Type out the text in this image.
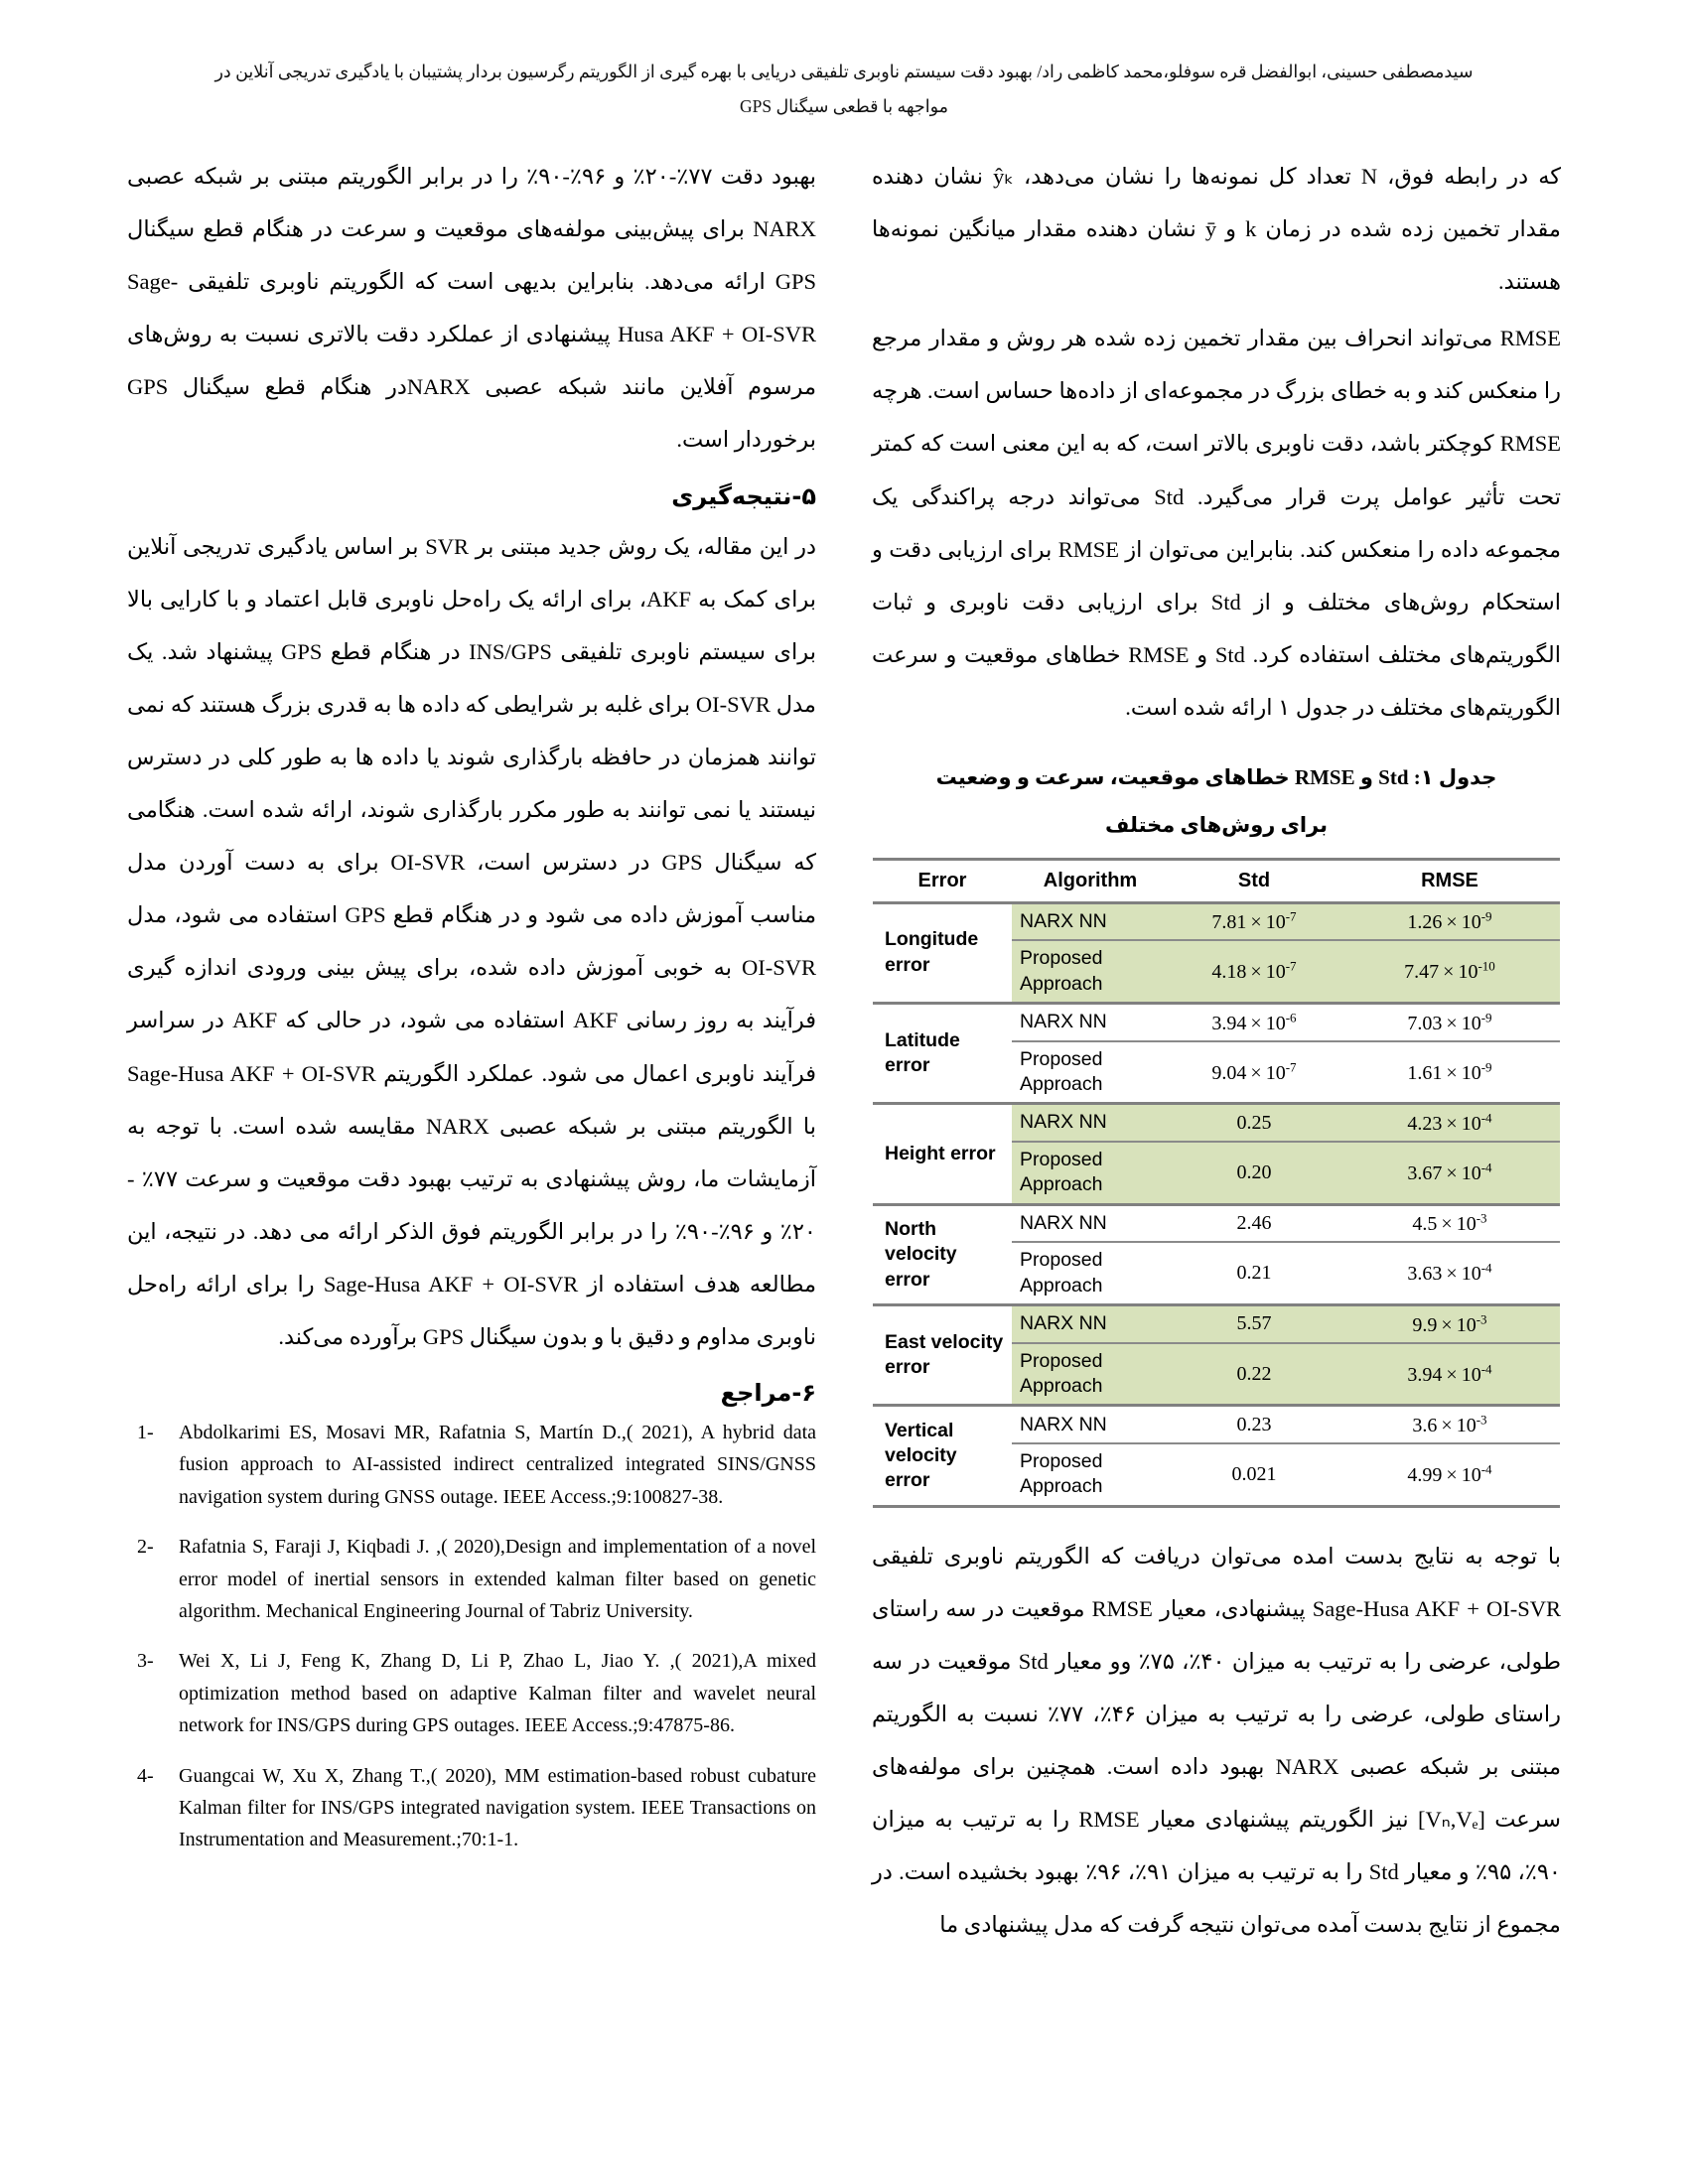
سیدمصطفی حسینی، ابوالفضل قره سوفلو،محمد کاظمی راد/ بهبود دقت سیستم ناوبری تلفیقی دریایی با بهره گیری از الگوریتم رگرسیون بردار پشتیبان با یادگیری تدریجی آنلاین در
مواجهه با قطعی سیگنال GPS

که در رابطه فوق، N تعداد کل نمونه‌ها را نشان می‌دهد، ŷₖ نشان دهنده مقدار تخمین زده شده در زمان k و ȳ نشان دهنده مقدار میانگین نمونه‌ها هستند.

RMSE می‌تواند انحراف بین مقدار تخمین زده شده هر روش و مقدار مرجع را منعکس کند و به خطای بزرگ در مجموعه‌ای از داده‌ها حساس است. هرچه RMSE کوچکتر باشد، دقت ناوبری بالاتر است، که به این معنی است که کمتر تحت تأثیر عوامل پرت قرار می‌گیرد. Std می‌تواند درجه پراکندگی یک مجموعه داده را منعکس کند. بنابراین می‌توان از RMSE برای ارزیابی دقت و استحکام روش‌های مختلف و از Std برای ارزیابی دقت ناوبری و ثبات الگوریتم‌های مختلف استفاده کرد. Std و RMSE خطاهای موقعیت و سرعت الگوریتم‌های مختلف در جدول ۱ ارائه شده است.

جدول ۱: Std و RMSE خطاهای موقعیت، سرعت و وضعیت برای روش‌های مختلف
Error	Algorithm	Std	RMSE
Longitude error	NARX NN	$7.81 \times 10^{-7}$	$1.26 \times 10^{-9}$
	Proposed Approach	$4.18 \times 10^{-7}$	$7.47 \times 10^{-10}$
Latitude error	NARX NN	$3.94 \times 10^{-6}$	$7.03 \times 10^{-9}$
	Proposed Approach	$9.04 \times 10^{-7}$	$1.61 \times 10^{-9}$
Height error	NARX NN	0.25	$4.23 \times 10^{-4}$
	Proposed Approach	0.20	$3.67 \times 10^{-4}$
North velocity error	NARX NN	2.46	$4.5 \times 10^{-3}$
	Proposed Approach	0.21	$3.63 \times 10^{-4}$
East velocity error	NARX NN	5.57	$9.9 \times 10^{-3}$
	Proposed Approach	0.22	$3.94 \times 10^{-4}$
Vertical velocity error	NARX NN	0.23	$3.6 \times 10^{-3}$
	Proposed Approach	0.021	$4.99 \times 10^{-4}$

با توجه به نتایج بدست امده می‌توان دریافت که الگوریتم ناوبری تلفیقی Sage-Husa AKF + OI-SVR پیشنهادی، معیار RMSE موقعیت در سه راستای طولی، عرضی را به ترتیب به میزان ۴۰٪، ۷۵٪ وو معیار Std موقعیت در سه راستای طولی، عرضی را به ترتیب به میزان ۴۶٪، ۷۷٪ نسبت به الگوریتم مبتنی بر شبکه عصبی NARX بهبود داده است. همچنین برای مولفه‌های سرعت ‎[Vₙ,Vₑ]‎ نیز الگوریتم پیشنهادی معیار RMSE را به ترتیب به میزان ۹۰٪، ۹۵٪ و معیار Std را به ترتیب به میزان ۹۱٪، ۹۶٪ بهبود بخشیده است. در مجموع از نتایج بدست آمده می‌توان نتیجه گرفت که مدل پیشنهادی ما

بهبود دقت ۷۷٪-۲۰٪ و ۹۶٪-۹۰٪ را در برابر الگوریتم مبتنی بر شبکه عصبی NARX برای پیش‌بینی مولفه‌های موقعیت و سرعت در هنگام قطع سیگنال GPS ارائه می‌دهد. بنابراین بدیهی است که الگوریتم ناوبری تلفیقی Sage-Husa AKF + OI-SVR پیشنهادی از عملکرد دقت بالاتری نسبت به روش‌های مرسوم آفلاین مانند شبکه عصبی NARXدر هنگام قطع سیگنال GPS برخوردار است.

۵-نتیجه‌گیری

در این مقاله، یک روش جدید مبتنی بر SVR بر اساس یادگیری تدریجی آنلاین برای کمک به AKF، برای ارائه یک راه‌حل ناوبری قابل اعتماد و با کارایی بالا برای سیستم ناوبری تلفیقی INS/GPS در هنگام قطع GPS پیشنهاد شد. یک مدل OI-SVR برای غلبه بر شرایطی که داده ها به قدری بزرگ هستند که نمی توانند همزمان در حافظه بارگذاری شوند یا داده ها به طور کلی در دسترس نیستند یا نمی توانند به طور مکرر بارگذاری شوند، ارائه شده است. هنگامی که سیگنال GPS در دسترس است، OI-SVR برای به دست آوردن مدل مناسب آموزش داده می شود و در هنگام قطع GPS استفاده می شود، مدل OI-SVR به خوبی آموزش داده شده، برای پیش بینی ورودی اندازه گیری فرآیند به روز رسانی AKF استفاده می شود، در حالی که AKF در سراسر فرآیند ناوبری اعمال می شود. عملکرد الگوریتم Sage-Husa AKF + OI-SVR با الگوریتم مبتنی بر شبکه عصبی NARX مقایسه شده است. با توجه به آزمایشات ما، روش پیشنهادی به ترتیب بهبود دقت موقعیت و سرعت ۷۷٪ - ۲۰٪ و ۹۶٪-۹۰٪ را در برابر الگوریتم فوق الذکر ارائه می دهد. در نتیجه، این مطالعه هدف استفاده از Sage-Husa AKF + OI-SVR را برای ارائه راه‌حل ناوبری مداوم و دقیق با و بدون سیگنال GPS برآورده می‌کند.

۶-مراجع
1-	Abdolkarimi ES, Mosavi MR, Rafatnia S, Martín D.,( 2021), A hybrid data fusion approach to AI-assisted indirect centralized integrated SINS/GNSS navigation system during GNSS outage. IEEE Access.;9:100827-38.
2-	Rafatnia S, Faraji J, Kiqbadi J. ,( 2020),Design and implementation of a novel error model of inertial sensors in extended kalman filter based on genetic algorithm. Mechanical Engineering Journal of Tabriz University.
3-	Wei X, Li J, Feng K, Zhang D, Li P, Zhao L, Jiao Y. ,( 2021),A mixed optimization method based on adaptive Kalman filter and wavelet neural network for INS/GPS during GPS outages. IEEE Access.;9:47875-86.
4-	Guangcai W, Xu X, Zhang T.,( 2020), MM estimation-based robust cubature Kalman filter for INS/GPS integrated navigation system. IEEE Transactions on Instrumentation and Measurement.;70:1-1.
